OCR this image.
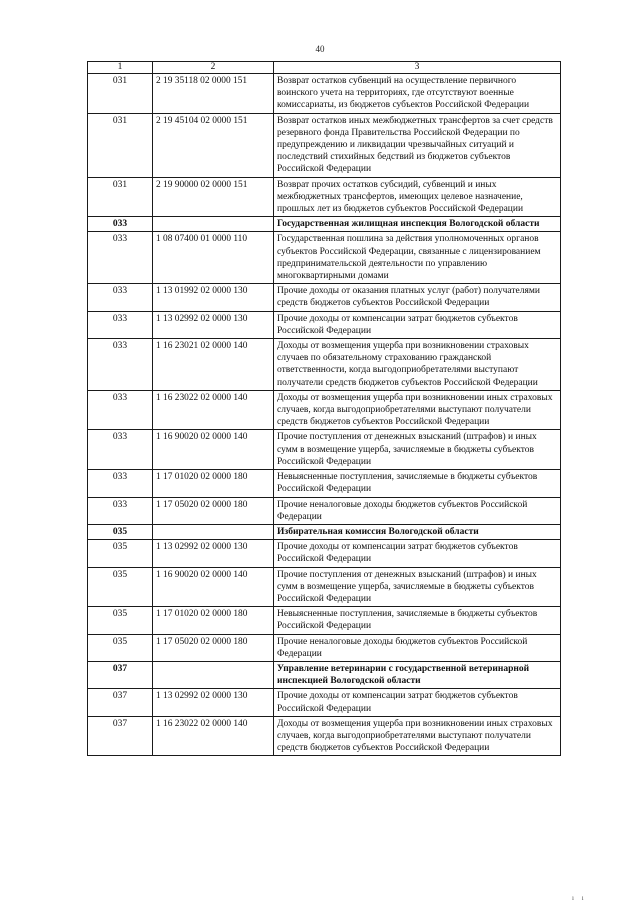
40
1	2	3
031	2 19 35118 02 0000 151	Возврат остатков субвенций на осуществление первичного воинского учета на территориях, где отсутствуют военные комиссариаты, из бюджетов субъектов Российской Федерации
031	2 19 45104 02 0000 151	Возврат остатков иных межбюджетных трансфертов за счет средств резервного фонда Правительства Российской Федерации по предупреждению и ликвидации чрезвычайных ситуаций и последствий стихийных бедствий из бюджетов субъектов Российской Федерации
031	2 19 90000 02 0000 151	Возврат прочих остатков субсидий, субвенций и иных межбюджетных трансфертов, имеющих целевое назначение, прошлых лет из бюджетов субъектов Российской Федерации
033		Государственная жилищная инспекция Вологодской области
033	1 08 07400 01 0000 110	Государственная пошлина за действия уполномоченных органов субъектов Российской Федерации, связанные с лицензированием предпринимательской деятельности по управлению многоквартирными домами
033	1 13 01992 02 0000 130	Прочие доходы от оказания платных услуг (работ) получателями средств бюджетов субъектов Российской Федерации
033	1 13 02992 02 0000 130	Прочие доходы от компенсации затрат бюджетов субъектов Российской Федерации
033	1 16 23021 02 0000 140	Доходы от возмещения ущерба при возникновении страховых случаев по обязательному страхованию гражданской ответственности, когда выгодоприобретателями выступают получатели средств бюджетов субъектов Российской Федерации
033	1 16 23022 02 0000 140	Доходы от возмещения ущерба при возникновении иных страховых случаев, когда выгодоприобретателями выступают получатели средств бюджетов субъектов Российской Федерации
033	1 16 90020 02 0000 140	Прочие поступления от денежных взысканий (штрафов) и иных сумм в возмещение ущерба, зачисляемые в бюджеты субъектов Российской Федерации
033	1 17 01020 02 0000 180	Невыясненные поступления, зачисляемые в бюджеты субъектов Российской Федерации
033	1 17 05020 02 0000 180	Прочие неналоговые доходы бюджетов субъектов Российской Федерации
035		Избирательная комиссия Вологодской области
035	1 13 02992 02 0000 130	Прочие доходы от компенсации затрат бюджетов субъектов Российской Федерации
035	1 16 90020 02 0000 140	Прочие поступления от денежных взысканий (штрафов) и иных сумм в возмещение ущерба, зачисляемые в бюджеты субъектов Российской Федерации
035	1 17 01020 02 0000 180	Невыясненные поступления, зачисляемые в бюджеты субъектов Российской Федерации
035	1 17 05020 02 0000 180	Прочие неналоговые доходы бюджетов субъектов Российской Федерации
037		Управление ветеринарии с государственной ветеринарной инспекцией Вологодской области
037	1 13 02992 02 0000 130	Прочие доходы от компенсации затрат бюджетов субъектов Российской Федерации
037	1 16 23022 02 0000 140	Доходы от возмещения ущерба при возникновении иных страховых случаев, когда выгодоприобретателями выступают получатели средств бюджетов субъектов Российской Федерации
ı ı
